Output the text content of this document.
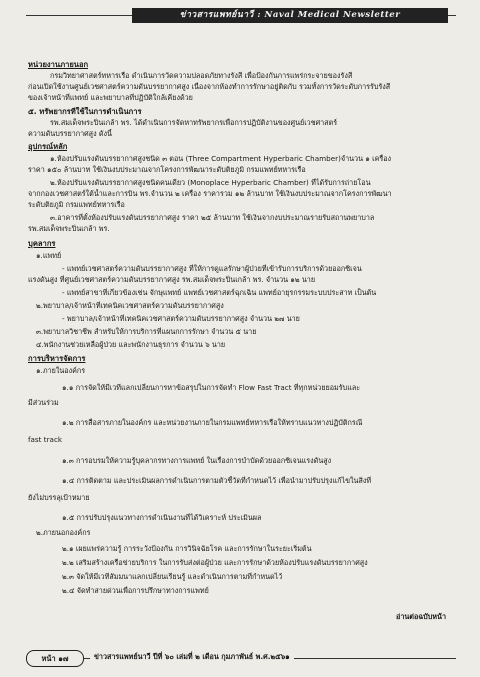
ข่าวสารแพทย์นาวี : Naval Medical Newsletter
หน่วยงานภายนอก
กรมวิทยาศาสตร์ทหารเรือ ดำเนินการวัดความปลอดภัยทางรังสี เพื่อป้องกันการแพร่กระจายของรังสี
ก่อนเปิดใช้งานศูนย์เวชศาสตร์ความดันบรรยากาศสูง เนื่องจากห้องทำการรักษาอยู่ติดกับ รวมทั้งการวัดระดับการรับรังสี
ของเจ้าหน้าที่แพทย์ และพยาบาลที่ปฏิบัติใกล้เคียงด้วย
๕. ทรัพยากรที่ใช้ในการดำเนินการ
รพ.สมเด็จพระปิ่นเกล้า พร. ได้ดำเนินการจัดหาทรัพยากรเพื่อการปฏิบัติงานของศูนย์เวชศาสตร์
ความดันบรรยากาศสูง ดังนี้
อุปกรณ์หลัก
๑.ห้องปรับแรงดันบรรยากาศสูงชนิด ๓ ตอน (Three Compartment Hyperbaric Chamber)จำนวน ๑ เครื่อง
ราคา ๑๕๐ ล้านบาท ใช้เงินงบประมาณจากโครงการพัฒนาระดับติยภูมิ กรมแพทย์ทหารเรือ
๒.ห้องปรับแรงดันบรรยากาศสูงชนิดคนเดียว (Monoplace Hyperbaric Chamber) ที่ได้รับการถ่ายโอน
จากกองเวชศาสตร์ใต้น้ำและการบิน พร.จำนวน ๒ เครื่อง ราคารวม ๑๒ ล้านบาท ใช้เงินงบประมาณจากโครงการพัฒนา
ระดับติยภูมิ กรมแพทย์ทหารเรือ
๓.อาคารที่ตั้งห้องปรับแรงดันบรรยากาศสูง ราคา ๒๕ ล้านบาท ใช้เงินจากงบประมาณรายรับสถานพยาบาล
รพ.สมเด็จพระปิ่นเกล้า พร.
บุคลากร
๑.แพทย์
- แพทย์เวชศาสตร์ความดันบรรยากาศสูง ที่ให้การดูแลรักษาผู้ป่วยที่เข้ารับการบริการด้วยออกซิเจน
แรงดันสูง ที่ศูนย์เวชศาสตร์ความดันบรรยากาศสูง รพ.สมเด็จพระปิ่นเกล้า พร. จำนวน ๑๒ นาย
- แพทย์สาขาที่เกี่ยวข้องเช่น จักษุแพทย์ แพทย์เวชศาสตร์ฉุกเฉิน แพทย์อายุรกรรมระบบประสาท เป็นต้น
๒.พยาบาล/เจ้าหน้าที่เทคนิคเวชศาสตร์ความดันบรรยากาศสูง
- พยาบาล/เจ้าหน้าที่เทคนิคเวชศาสตร์ความดันบรรยากาศสูง จำนวน ๒๗ นาย
๓.พยาบาลวิชาชีพ สำหรับให้การบริการที่แผนกการรักษา จำนวน ๕ นาย
๔.พนักงานช่วยเหลือผู้ป่วย และพนักงานธุรการ จำนวน ๖ นาย
การบริหารจัดการ
๑.ภายในองค์กร
๑.๑ การจัดให้มีเวทีแลกเปลี่ยนการหาข้อสรุปในการจัดทำ Flow Fast Tract ที่ทุกหน่วยยอมรับและ
มีส่วนร่วม
๑.๒ การสื่อสารภายในองค์กร และหน่วยงานภายในกรมแพทย์ทหารเรือให้ทราบแนวทางปฏิบัติกรณี
fast track
๑.๓ การอบรมให้ความรู้บุคลากรทางการแพทย์ ในเรื่องการบำบัดด้วยออกซิเจนแรงดันสูง
๑.๔ การติดตาม และประเมินผลการดำเนินการตามตัวชี้วัดที่กำหนดไว้ เพื่อนำมาปรับปรุงแก้ไขในสิ่งที่
ยังไม่บรรลุเป้าหมาย
๑.๕ การปรับปรุงแนวทางการดำเนินงานที่ได้วิเคราะห์ ประเมินผล
๒.ภายนอกองค์กร
๒.๑ เผยแพร่ความรู้ การระวังป้องกัน การวินิจฉัยโรค และการรักษาในระยะเริ่มต้น
๒.๒ เสริมสร้างเครือข่ายบริการ ในการรับส่งต่อผู้ป่วย และการรักษาด้วยห้องปรับแรงดันบรรยากาศสูง
๒.๓ จัดให้มีเวทีสัมมนาแลกเปลี่ยนเรียนรู้ และดำเนินการตามที่กำหนดไว้
๒.๔ จัดทำสายด่วนเพื่อการปรึกษาทางการแพทย์
อ่านต่อฉบับหน้า
หน้า ๑๗	ข่าวสารแพทย์นาวี ปีที่ ๖๐ เล่มที่ ๒ เดือน กุมภาพันธ์ พ.ศ.๒๕๖๑
